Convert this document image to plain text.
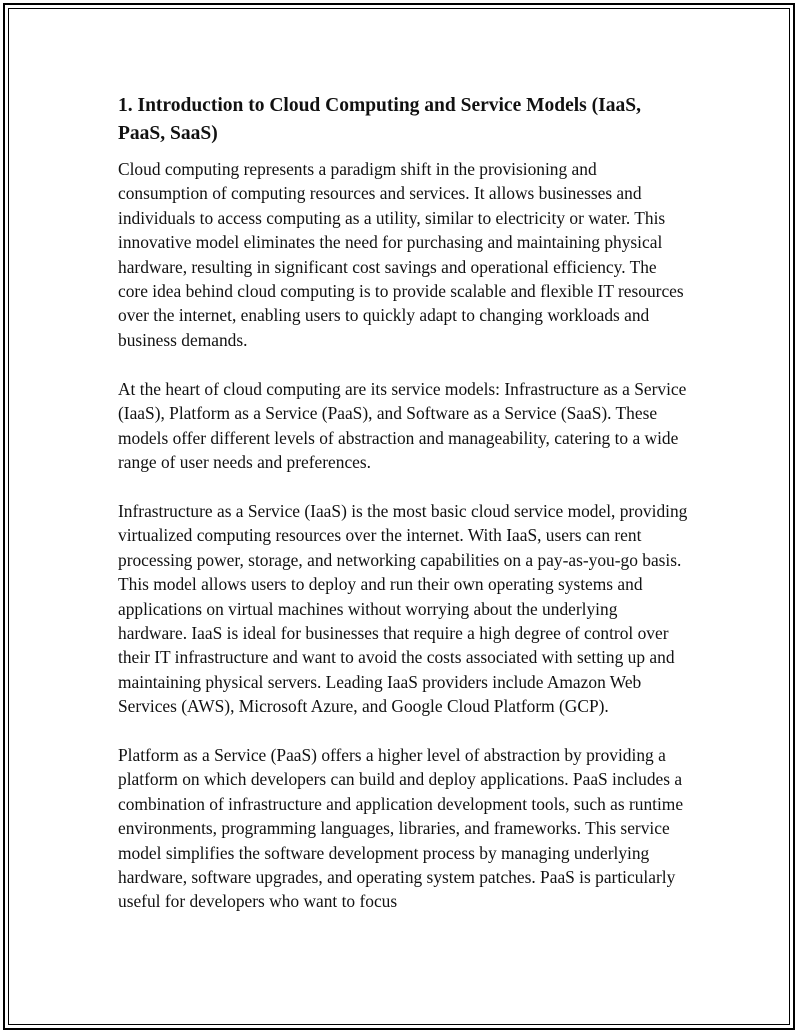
1. Introduction to Cloud Computing and Service Models (IaaS, PaaS, SaaS)

Cloud computing represents a paradigm shift in the provisioning and consumption of computing resources and services. It allows businesses and individuals to access computing as a utility, similar to electricity or water. This innovative model eliminates the need for purchasing and maintaining physical hardware, resulting in significant cost savings and operational efficiency. The core idea behind cloud computing is to provide scalable and flexible IT resources over the internet, enabling users to quickly adapt to changing workloads and business demands.

At the heart of cloud computing are its service models: Infrastructure as a Service (IaaS), Platform as a Service (PaaS), and Software as a Service (SaaS). These models offer different levels of abstraction and manageability, catering to a wide range of user needs and preferences.

Infrastructure as a Service (IaaS) is the most basic cloud service model, providing virtualized computing resources over the internet. With IaaS, users can rent processing power, storage, and networking capabilities on a pay-as-you-go basis. This model allows users to deploy and run their own operating systems and applications on virtual machines without worrying about the underlying hardware. IaaS is ideal for businesses that require a high degree of control over their IT infrastructure and want to avoid the costs associated with setting up and maintaining physical servers. Leading IaaS providers include Amazon Web Services (AWS), Microsoft Azure, and Google Cloud Platform (GCP).

Platform as a Service (PaaS) offers a higher level of abstraction by providing a platform on which developers can build and deploy applications. PaaS includes a combination of infrastructure and application development tools, such as runtime environments, programming languages, libraries, and frameworks. This service model simplifies the software development process by managing underlying hardware, software upgrades, and operating system patches. PaaS is particularly useful for developers who want to focus
